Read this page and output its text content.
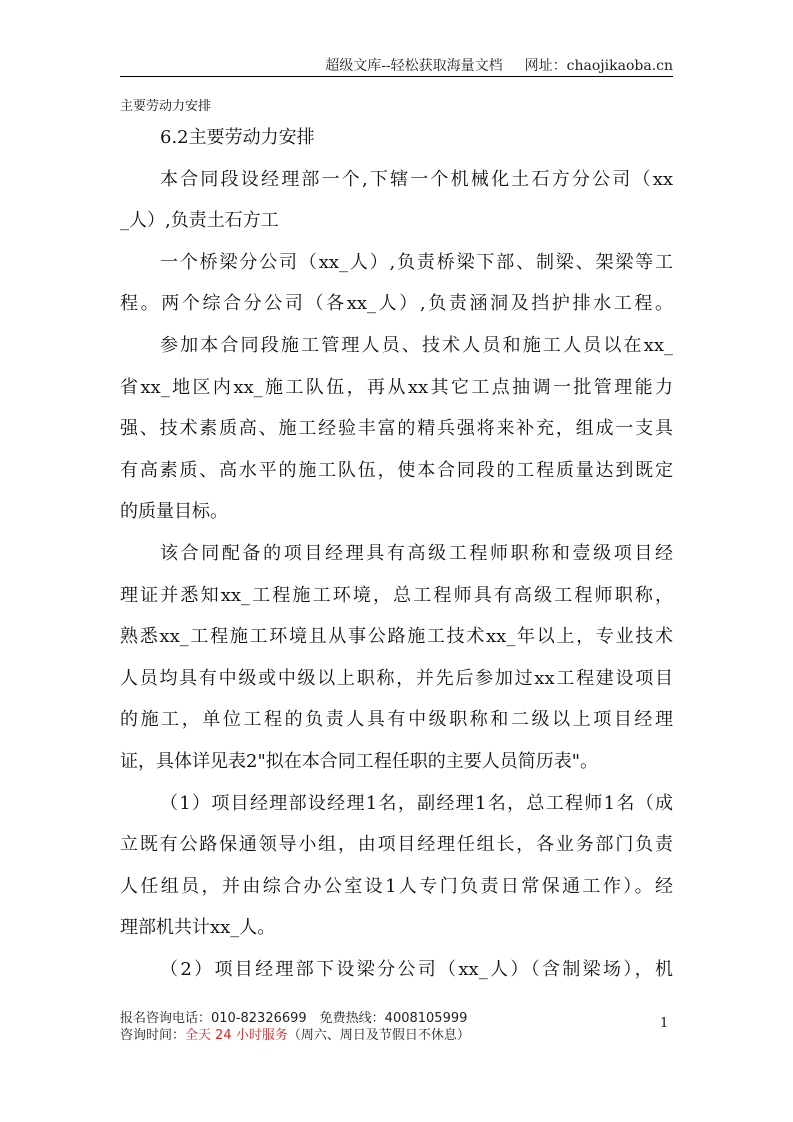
超级文库--轻松获取海量文档 网址：chaojikaoba.cn
主要劳动力安排
6.2主要劳动力安排
本合同段设经理部一个,下辖一个机械化土石方分公司（xx
_人）,负责土石方工
一个桥梁分公司（xx_人）,负责桥梁下部、制梁、架梁等工
程。两个综合分公司（各xx_人）,负责涵洞及挡护排水工程。
参加本合同段施工管理人员、技术人员和施工人员以在xx_
省xx_地区内xx_施工队伍，再从xx其它工点抽调一批管理能力
强、技术素质高、施工经验丰富的精兵强将来补充，组成一支具
有高素质、高水平的施工队伍，使本合同段的工程质量达到既定
的质量目标。
该合同配备的项目经理具有高级工程师职称和壹级项目经
理证并悉知xx_工程施工环境，总工程师具有高级工程师职称，
熟悉xx_工程施工环境且从事公路施工技术xx_年以上，专业技术
人员均具有中级或中级以上职称，并先后参加过xx工程建设项目
的施工，单位工程的负责人具有中级职称和二级以上项目经理
证，具体详见表2"拟在本合同工程任职的主要人员简历表"。
（1）项目经理部设经理1名，副经理1名，总工程师1名（成
立既有公路保通领导小组，由项目经理任组长，各业务部门负责
人任组员，并由综合办公室设1人专门负责日常保通工作）。经
理部机共计xx_人。
（2）项目经理部下设梁分公司（xx_人）（含制梁场），机
报名咨询电话：010-82326699　免费热线：4008105999
咨询时间：全天 24 小时服务（周六、周日及节假日不休息）
1
